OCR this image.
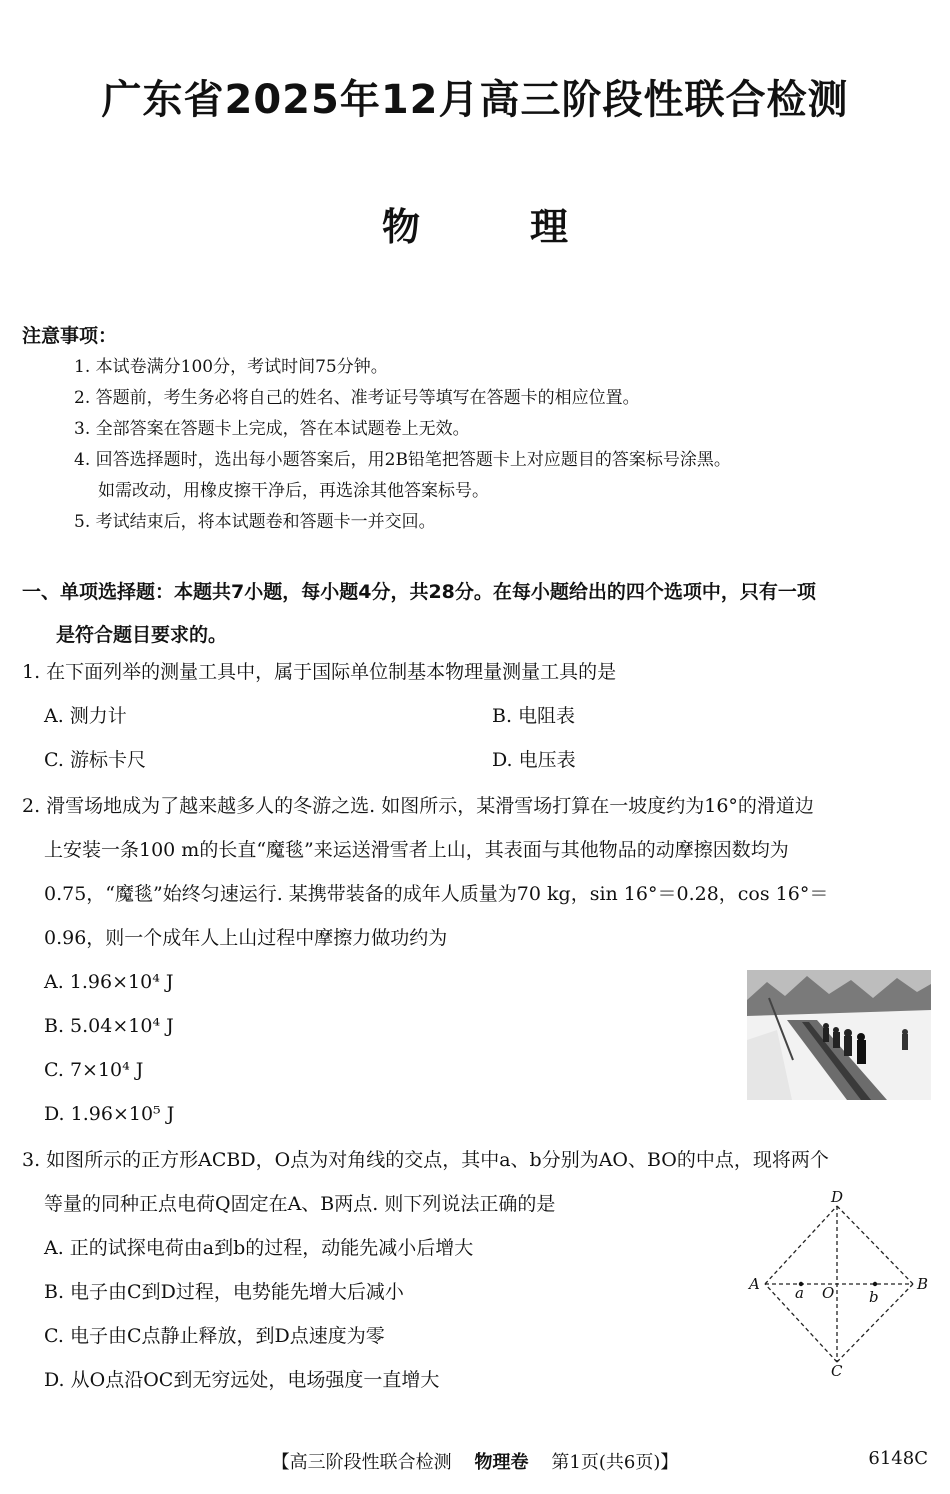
广东省2025年12月高三阶段性联合检测
物理
注意事项：
1. 本试卷满分100分，考试时间75分钟。
2. 答题前，考生务必将自己的姓名、准考证号等填写在答题卡的相应位置。
3. 全部答案在答题卡上完成，答在本试题卷上无效。
4. 回答选择题时，选出每小题答案后，用2B铅笔把答题卡上对应题目的答案标号涂黑。
如需改动，用橡皮擦干净后，再选涂其他答案标号。
5. 考试结束后，将本试题卷和答题卡一并交回。
一、单项选择题：本题共7小题，每小题4分，共28分。在每小题给出的四个选项中，只有一项
是符合题目要求的。

1. 在下面列举的测量工具中，属于国际单位制基本物理量测量工具的是

A. 测力计	B. 电阻表
C. 游标卡尺	D. 电压表

2. 滑雪场地成为了越来越多人的冬游之选. 如图所示，某滑雪场打算在一坡度约为16°的滑道边

上安装一条100 m的长直“魔毯”来运送滑雪者上山，其表面与其他物品的动摩擦因数均为

0.75，“魔毯”始终匀速运行. 某携带装备的成年人质量为70 kg，sin 16°＝0.28，cos 16°＝

0.96，则一个成年人上山过程中摩擦力做功约为

A. 1.96×10⁴ J
B. 5.04×10⁴ J
C. 7×10⁴ J
D. 1.96×10⁵ J

3. 如图所示的正方形ACBD，O点为对角线的交点，其中a、b分别为AO、BO的中点，现将两个

等量的同种正点电荷Q固定在A、B两点. 则下列说法正确的是

A. 正的试探电荷由a到b的过程，动能先减小后增大
B. 电子由C到D过程，电势能先增大后减小
C. 电子由C点静止释放，到D点速度为零
D. 从O点沿OC到无穷远处，电场强度一直增大
A	B
D
C
O
a	b
【高三阶段性联合检测 物理卷 第1页(共6页)】	6148C
